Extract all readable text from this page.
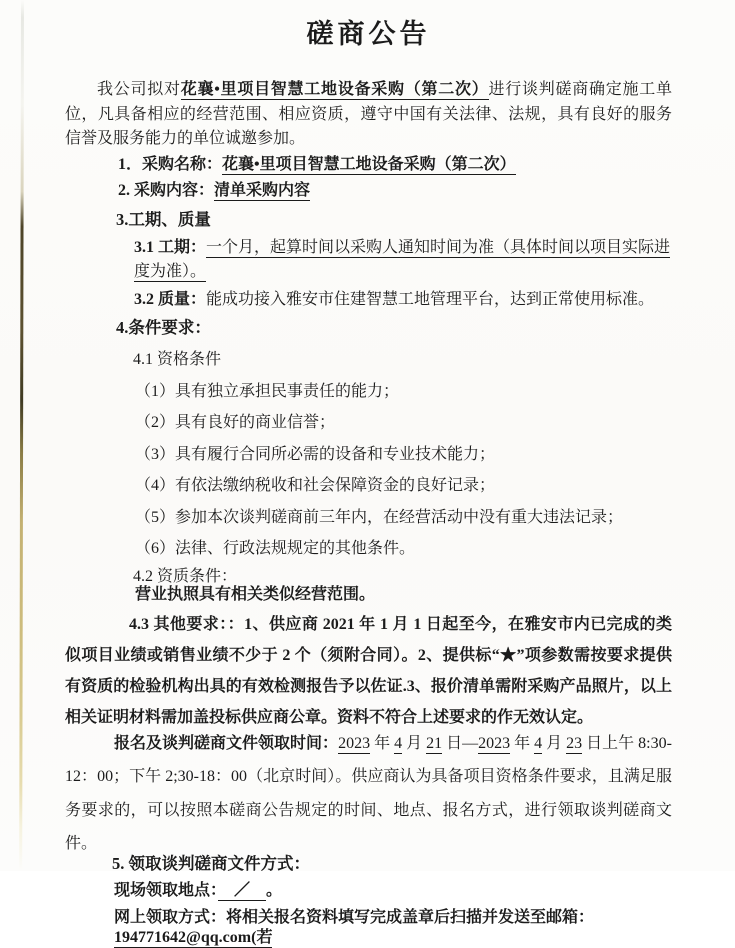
磋商公告

我公司拟对花襄•里项目智慧工地设备采购（第二次）进行谈判磋商确定施工单位，凡具备相应的经营范围、相应资质，遵守中国有关法律、法规，具有良好的服务信誉及服务能力的单位诚邀参加。

1．采购名称：花襄•里项目智慧工地设备采购（第二次）

2. 采购内容：清单采购内容

3.工期、质量

3.1 工期：一个月，起算时间以采购人通知时间为准（具体时间以项目实际进度为准）。

3.2 质量：能成功接入雅安市住建智慧工地管理平台，达到正常使用标准。

4.条件要求：

4.1 资格条件

（1）具有独立承担民事责任的能力；

（2）具有良好的商业信誉；

（3）具有履行合同所必需的设备和专业技术能力；

（4）有依法缴纳税收和社会保障资金的良好记录；

（5）参加本次谈判磋商前三年内，在经营活动中没有重大违法记录；

（6）法律、行政法规规定的其他条件。

4.2 资质条件：

营业执照具有相关类似经营范围。

4.3 其他要求：：1、供应商 2021 年 1 月 1 日起至今，在雅安市内已完成的类似项目业绩或销售业绩不少于 2 个（须附合同）。2、提供标“★”项参数需按要求提供有资质的检验机构出具的有效检测报告予以佐证.3、报价清单需附采购产品照片，以上相关证明材料需加盖投标供应商公章。资料不符合上述要求的作无效认定。

报名及谈判磋商文件领取时间：2023 年 4 月 21 日—2023 年 4 月 23 日上午 8:30-12：00；下午 2;30-18：00（北京时间）。供应商认为具备项目资格条件要求，且满足服务要求的，可以按照本磋商公告规定的时间、地点、报名方式，进行领取谈判磋商文件。

5. 领取谈判磋商文件方式：

现场领取地点：　／　。

网上领取方式：将相关报名资料填写完成盖章后扫描并发送至邮箱：194771642@qq.com(若
